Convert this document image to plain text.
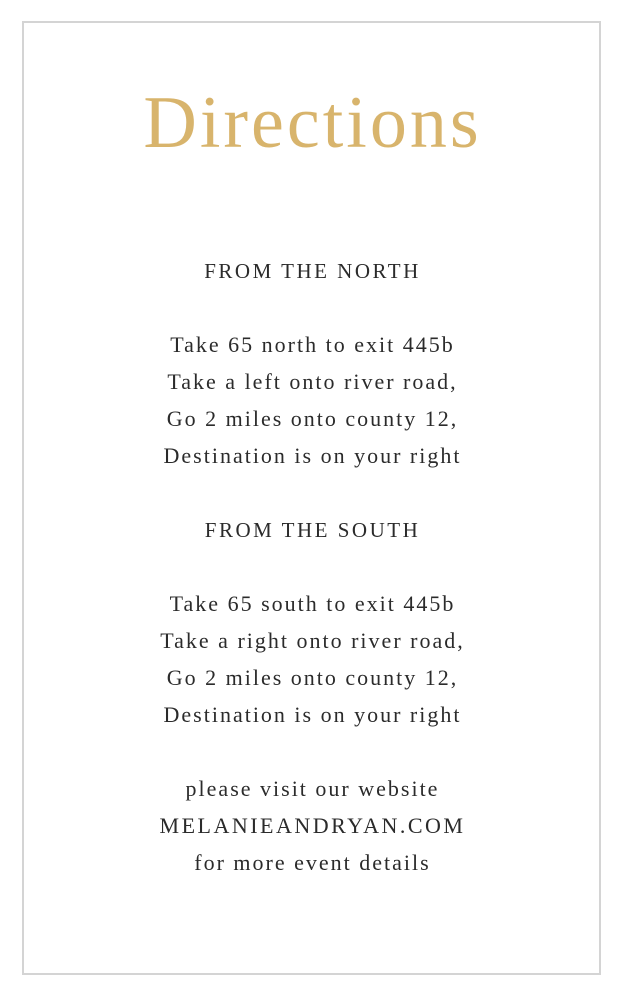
Directions
FROM THE NORTH
Take 65 north to exit 445b
Take a left onto river road,
Go 2 miles onto county 12,
Destination is on your right
FROM THE SOUTH
Take 65 south to exit 445b
Take a right onto river road,
Go 2 miles onto county 12,
Destination is on your right
please visit our website
MELANIEANDRYAN.COM
for more event details
